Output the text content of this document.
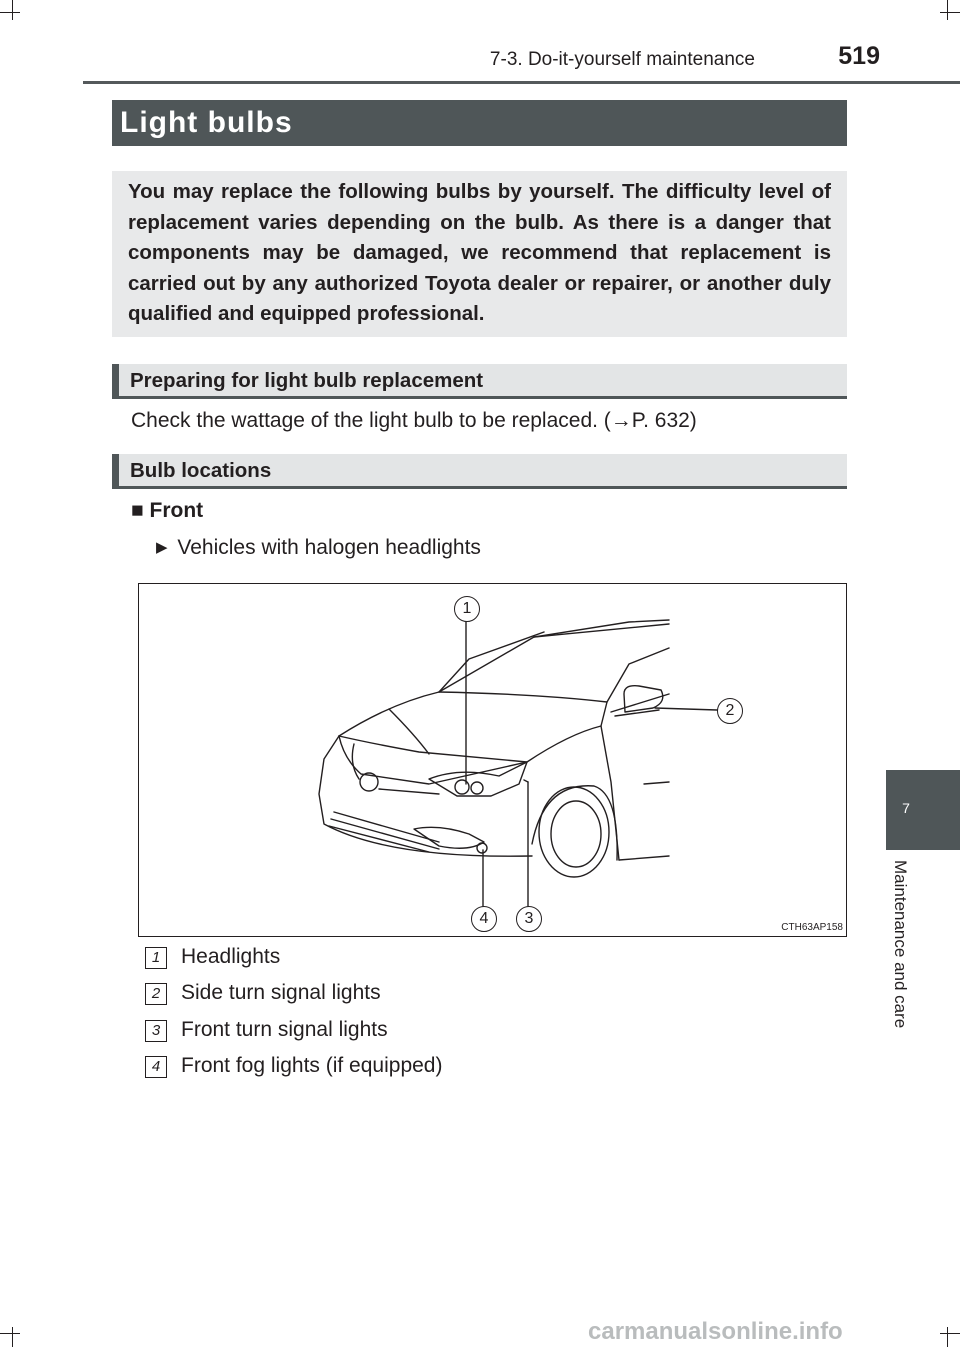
7-3. Do-it-yourself maintenance	519
Light bulbs

You may replace the following bulbs by yourself. The difficulty level of replacement varies depending on the bulb. As there is a danger that components may be damaged, we recommend that replacement is carried out by any authorized Toyota dealer or repairer, or another duly qualified and equipped professional.

Preparing for light bulb replacement
Check the wattage of the light bulb to be replaced. (→P. 632)
Bulb locations
■ Front
▶ Vehicles with halogen headlights
1
2
3
4
CTH63AP158
1 Headlights
2 Side turn signal lights
3 Front turn signal lights
4 Front fog lights (if equipped)
7
Maintenance and care
carmanualsonline.info
